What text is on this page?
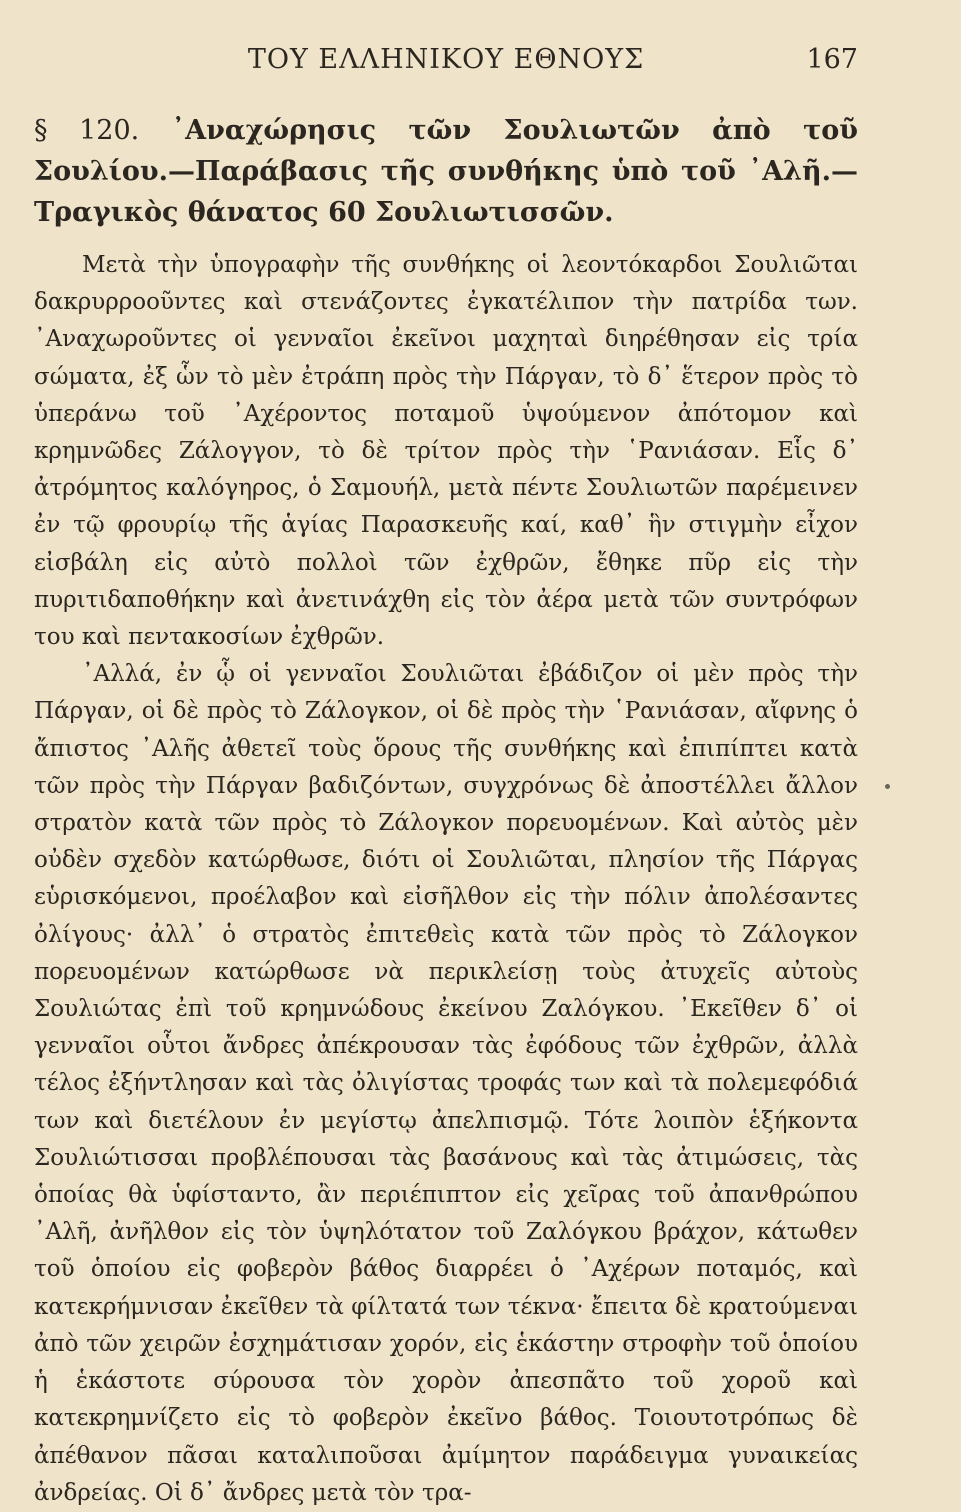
ΤΟΥ ΕΛΛΗΝΙΚΟΥ ΕΘΝΟΥΣ	167
§ 120. ᾿Αναχώρησις τῶν Σουλιωτῶν ἀπὸ τοῦ Σουλίου.—Παράβασις τῆς συνθήκης ὑπὸ τοῦ ᾿Αλῆ.—Τραγικὸς θάνατος 60 Σουλιωτισσῶν.

Μετὰ τὴν ὑπογραφὴν τῆς συνθήκης οἱ λεοντόκαρδοι Σουλιῶται δακρυρροοῦντες καὶ στενάζοντες ἐγκατέλιπον τὴν πατρίδα των. ᾿Αναχωροῦντες οἱ γενναῖοι ἐκεῖνοι μαχηταὶ διηρέθησαν εἰς τρία σώματα, ἐξ ὧν τὸ μὲν ἐτράπη πρὸς τὴν Πάργαν, τὸ δ᾿ ἕτερον πρὸς τὸ ὑπεράνω τοῦ ᾿Αχέροντος ποταμοῦ ὑψούμενον ἀπότομον καὶ κρημνῶδες Ζάλογγον, τὸ δὲ τρίτον πρὸς τὴν ῾Ρανιάσαν. Εἷς δ᾿ ἀτρόμητος καλόγηρος, ὁ Σαμουήλ, μετὰ πέντε Σουλιωτῶν παρέμεινεν ἐν τῷ φρουρίῳ τῆς ἁγίας Παρασκευῆς καί, καθ᾿ ἣν στιγμὴν εἶχον εἰσβάλη εἰς αὐτὸ πολλοὶ τῶν ἐχθρῶν, ἔθηκε πῦρ εἰς τὴν πυριτιδαποθήκην καὶ ἀνετινάχθη εἰς τὸν ἀέρα μετὰ τῶν συντρόφων του καὶ πεντακοσίων ἐχθρῶν.

᾿Αλλά, ἐν ᾧ οἱ γενναῖοι Σουλιῶται ἐβάδιζον οἱ μὲν πρὸς τὴν Πάργαν, οἱ δὲ πρὸς τὸ Ζάλογκον, οἱ δὲ πρὸς τὴν ῾Ρανιάσαν, αἴφνης ὁ ἄπιστος ᾿Αλῆς ἀθετεῖ τοὺς ὅρους τῆς συνθήκης καὶ ἐπιπίπτει κατὰ τῶν πρὸς τὴν Πάργαν βαδιζόντων, συγχρόνως δὲ ἀποστέλλει ἄλλον στρατὸν κατὰ τῶν πρὸς τὸ Ζάλογκον πορευομένων. Καὶ αὐτὸς μὲν οὐδὲν σχεδὸν κατώρθωσε, διότι οἱ Σουλιῶται, πλησίον τῆς Πάργας εὑρισκόμενοι, προέλαβον καὶ εἰσῆλθον εἰς τὴν πόλιν ἀπολέσαντες ὀλίγους· ἀλλ᾿ ὁ στρατὸς ἐπιτεθεὶς κατὰ τῶν πρὸς τὸ Ζάλογκον πορευομένων κατώρθωσε νὰ περικλείσῃ τοὺς ἀτυχεῖς αὐτοὺς Σουλιώτας ἐπὶ τοῦ κρημνώδους ἐκείνου Ζαλόγκου. ᾿Εκεῖθεν δ᾿ οἱ γενναῖοι οὗτοι ἄνδρες ἀπέκρουσαν τὰς ἐφόδους τῶν ἐχθρῶν, ἀλλὰ τέλος ἐξήντλησαν καὶ τὰς ὀλιγίστας τροφάς των καὶ τὰ πολεμεφόδιά των καὶ διετέλουν ἐν μεγίστῳ ἀπελπισμῷ. Τότε λοιπὸν ἑξήκοντα Σουλιώτισσαι προβλέπουσαι τὰς βασάνους καὶ τὰς ἀτιμώσεις, τὰς ὁποίας θὰ ὑφίσταντο, ἂν περιέπιπτον εἰς χεῖρας τοῦ ἀπανθρώπου ᾿Αλῆ, ἀνῆλθον εἰς τὸν ὑψηλότατον τοῦ Ζαλόγκου βράχον, κάτωθεν τοῦ ὁποίου εἰς φοβερὸν βάθος διαρρέει ὁ ᾿Αχέρων ποταμός, καὶ κατεκρήμνισαν ἐκεῖθεν τὰ φίλτατά των τέκνα· ἔπειτα δὲ κρατούμεναι ἀπὸ τῶν χειρῶν ἐσχημάτισαν χορόν, εἰς ἑκάστην στροφὴν τοῦ ὁποίου ἡ ἑκάστοτε σύρουσα τὸν χορὸν ἀπεσπᾶτο τοῦ χοροῦ καὶ κατεκρημνίζετο εἰς τὸ φοβερὸν ἐκεῖνο βάθος. Τοιουτοτρόπως δὲ ἀπέθανον πᾶσαι καταλιποῦσαι ἀμίμητον παράδειγμα γυναικείας ἀνδρείας. Οἱ δ᾿ ἄνδρες μετὰ τὸν τρα-
